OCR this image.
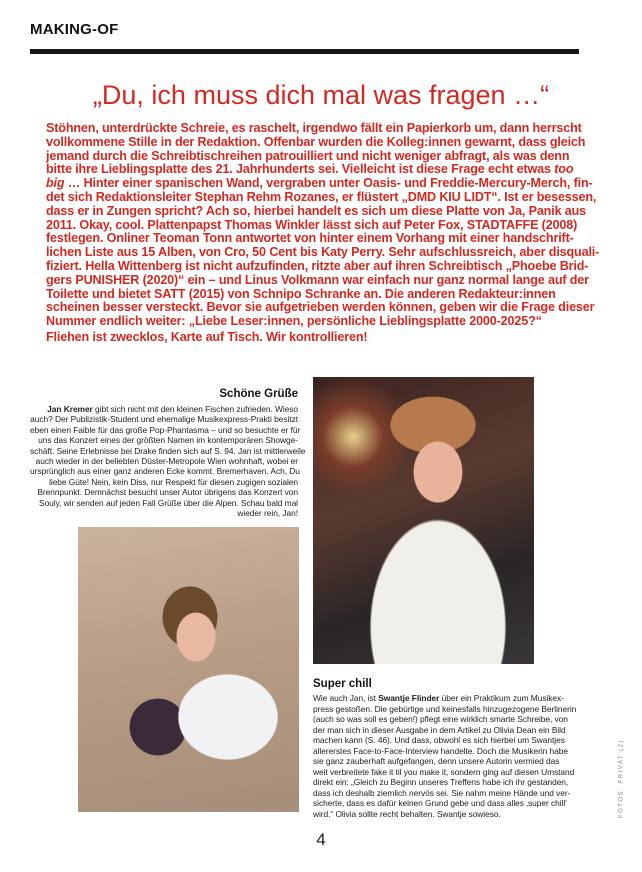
MAKING-OF
„Du, ich muss dich mal was fragen …“
Stöhnen, unterdrückte Schreie, es raschelt, irgendwo fällt ein Papierkorb um, dann herrscht
vollkommene Stille in der Redaktion. Offenbar wurden die Kolleg:innen gewarnt, dass gleich
jemand durch die Schreibtischreihen patrouilliert und nicht weniger abfragt, als was denn
bitte ihre Lieblingsplatte des 21. Jahrhunderts sei. Vielleicht ist diese Frage echt etwas too
big … Hinter einer spanischen Wand, vergraben unter Oasis- und Freddie-Mercury-Merch, fin-
det sich Redaktionsleiter Stephan Rehm Rozanes, er flüstert „DMD KIU LIDT“. Ist er besessen,
dass er in Zungen spricht? Ach so, hierbei handelt es sich um diese Platte von Ja, Panik aus
2011. Okay, cool. Plattenpapst Thomas Winkler lässt sich auf Peter Fox, STADTAFFE (2008)
festlegen. Onliner Teoman Tonn antwortet von hinter einem Vorhang mit einer handschrift-
lichen Liste aus 15 Alben, von Cro, 50 Cent bis Katy Perry. Sehr aufschlussreich, aber disquali-
fiziert. Hella Wittenberg ist nicht aufzufinden, ritzte aber auf ihren Schreibtisch „Phoebe Brid-
gers PUNISHER (2020)“ ein – und Linus Volkmann war einfach nur ganz normal lange auf der
Toilette und bietet SATT (2015) von Schnipo Schranke an. Die anderen Redakteur:innen
scheinen besser versteckt. Bevor sie aufgetrieben werden können, geben wir die Frage dieser
Nummer endlich weiter: „Liebe Leser:innen, persönliche Lieblingsplatte 2000-2025?“
Fliehen ist zwecklos, Karte auf Tisch. Wir kontrollieren!
Schöne Grüße
Jan Kremer gibt sich nicht mit den kleinen Fischen zufrieden. Wieso
auch? Der Publizistik-Student und ehemalige Musikexpress-Prakti besitzt
eben einen Faible für das große Pop-Phantasma – und so besuchte er für
uns das Konzert eines der größten Namen im kontemporären Showge-
schäft. Seine Erlebnisse bei Drake finden sich auf S. 94. Jan ist mittlerweile
auch wieder in der beliebten Düster-Metropole Wien wohnhaft, wobei er
ursprünglich aus einer ganz anderen Ecke kommt. Bremerhaven. Ach, Du
liebe Güte! Nein, kein Diss, nur Respekt für diesen zugigen sozialen
Brennpunkt. Demnächst besucht unser Autor übrigens das Konzert von
Souly, wir senden auf jeden Fall Grüße über die Alpen. Schau bald mal
wieder rein, Jan!
Super chill
Wie auch Jan, ist Swantje Flinder über ein Praktikum zum Musikex-
press gestoßen. Die gebürtige und keinesfalls hinzugezogene Berlinerin
(auch so was soll es geben!) pflegt eine wirklich smarte Schreibe, von
der man sich in dieser Ausgabe in dem Artikel zu Olivia Dean ein Bild
machen kann (S. 46). Und dass, obwohl es sich hierbei um Swantjes
allererstes Face-to-Face-Interview handelte. Doch die Musikerin habe
sie ganz zauberhaft aufgefangen, denn unsere Autorin vermied das
weit verbreitete fake it til you make it, sondern ging auf diesen Umstand
direkt ein: „Gleich zu Beginn unseres Treffens habe ich ihr gestanden,
dass ich deshalb ziemlich nervös sei. Sie nahm meine Hände und ver-
sicherte, dass es dafür keinen Grund gebe und dass alles ‚super chill‘
wird.“ Olivia sollte recht behalten. Swantje sowieso.	FOTOS: PRIVAT (2)
4
